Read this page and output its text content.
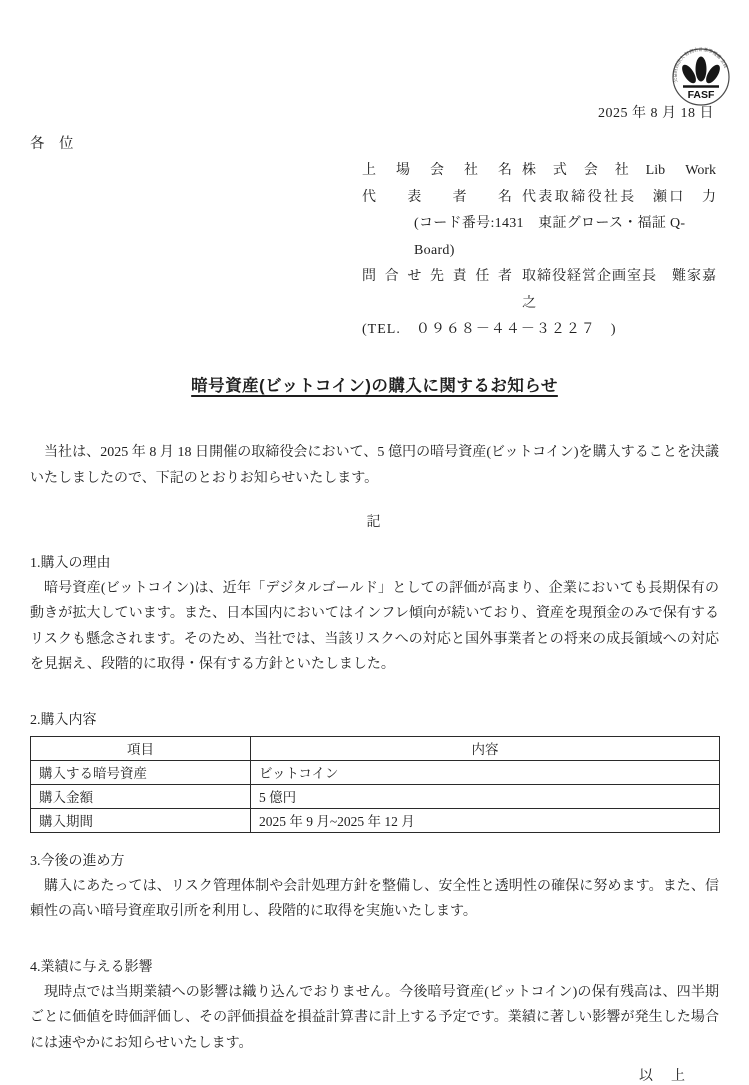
公益財団法人 財務会計基準機構 会員
FASF
2025 年 8 月 18 日
各　位
上場会社名 株式会社Lib Work
代表者名 代表取締役社長　瀬口　力
(コード番号:1431　東証グロース・福証 Q-Board)
問合せ先責任者 取締役経営企画室長　難家嘉之
(TEL.　０９６８－４４－３２２７　)
暗号資産(ビットコイン)の購入に関するお知らせ

当社は、2025 年 8 月 18 日開催の取締役会において、5 億円の暗号資産(ビットコイン)を購入することを決議いたしましたので、下記のとおりお知らせいたします。

記
1.購入の理由

暗号資産(ビットコイン)は、近年「デジタルゴールド」としての評価が高まり、企業においても長期保有の動きが拡大しています。また、日本国内においてはインフレ傾向が続いており、資産を現預金のみで保有するリスクも懸念されます。そのため、当社では、当該リスクへの対応と国外事業者との将来の成長領域への対応を見据え、段階的に取得・保有する方針といたしました。

2.購入内容
項目	内容
購入する暗号資産	ビットコイン
購入金額	5 億円
購入期間	2025 年 9 月~2025 年 12 月
3.今後の進め方

購入にあたっては、リスク管理体制や会計処理方針を整備し、安全性と透明性の確保に努めます。また、信頼性の高い暗号資産取引所を利用し、段階的に取得を実施いたします。

4.業績に与える影響

現時点では当期業績への影響は織り込んでおりません。今後暗号資産(ビットコイン)の保有残高は、四半期ごとに価値を時価評価し、その評価損益を損益計算書に計上する予定です。業績に著しい影響が発生した場合には速やかにお知らせいたします。

以　上
